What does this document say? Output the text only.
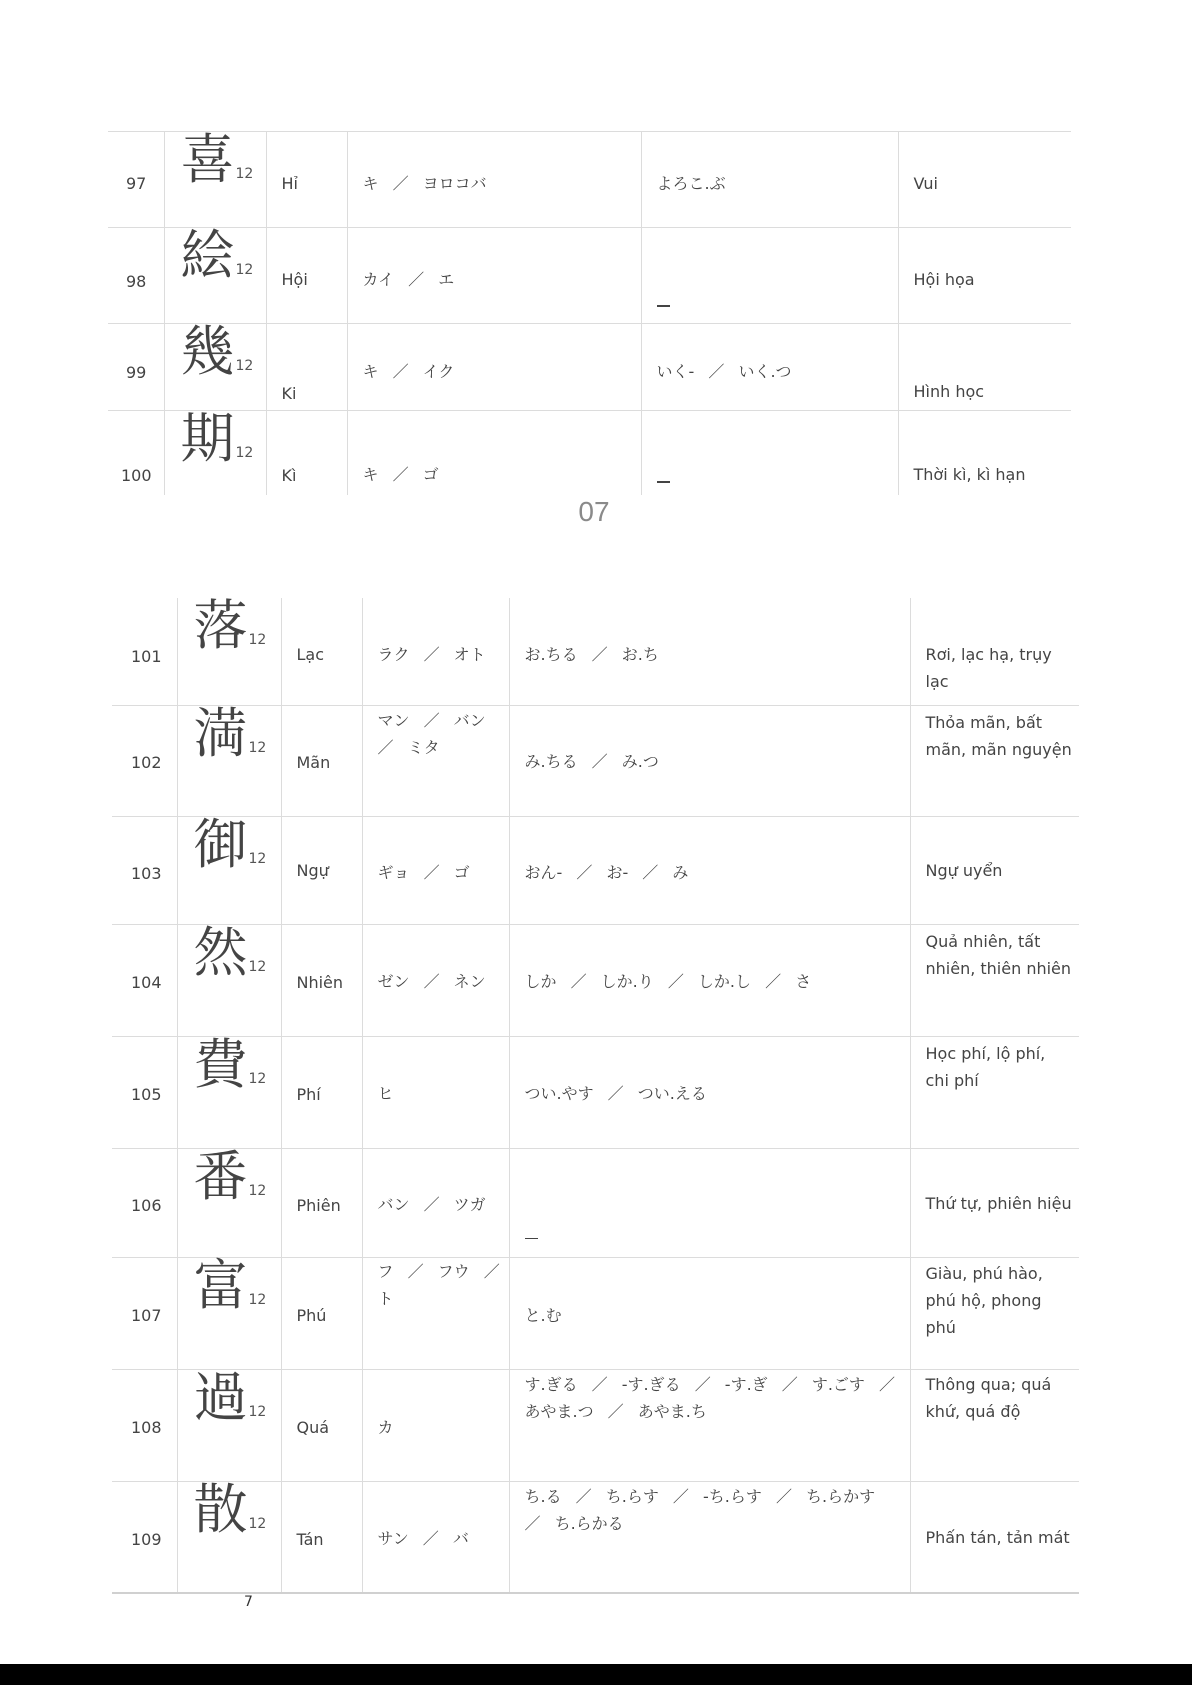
97	喜12	Hỉ	キ ／ ヨロコバ	よろこ.ぶ	Vui

98	絵12	Hội	カイ ／ エ		Hội họa

99	幾12	Ki	キ ／ イク	いく- ／ いく.つ	Hình học

100	期12	Kì	キ ／ ゴ		Thời kì, kì hạn
07
101	落12	Lạc	ラク ／ オト	お.ちる ／ お.ち	Rơi, lạc hạ, trụy lạc

102	満12	Mãn	マン ／ バン ／ ミタ	み.ちる ／ み.つ	Thỏa mãn, bất mãn, mãn nguyện

103	御12	Ngự	ギョ ／ ゴ	おん- ／ お- ／ み	Ngự uyển

104	然12	Nhiên	ゼン ／ ネン	しか ／ しか.り ／ しか.し ／ さ	Quả nhiên, tất nhiên, thiên nhiên

105	費12	Phí	ヒ	つい.やす ／ つい.える	Học phí, lộ phí, chi phí

106	番12	Phiên	バン ／ ツガ		Thứ tự, phiên hiệu

107	富12	Phú	フ ／ フウ ／ ト	と.む	Giàu, phú hào, phú hộ, phong phú

108	過12	Quá	カ	す.ぎる ／ -す.ぎる ／ -す.ぎ ／ す.ごす ／ あやま.つ ／ あやま.ち	Thông qua; quá khứ, quá độ

109	散12	Tán	サン ／ バ	ち.る ／ ち.らす ／ -ち.らす ／ ち.らかす ／ ち.らかる	Phấn tán, tản mát
7
